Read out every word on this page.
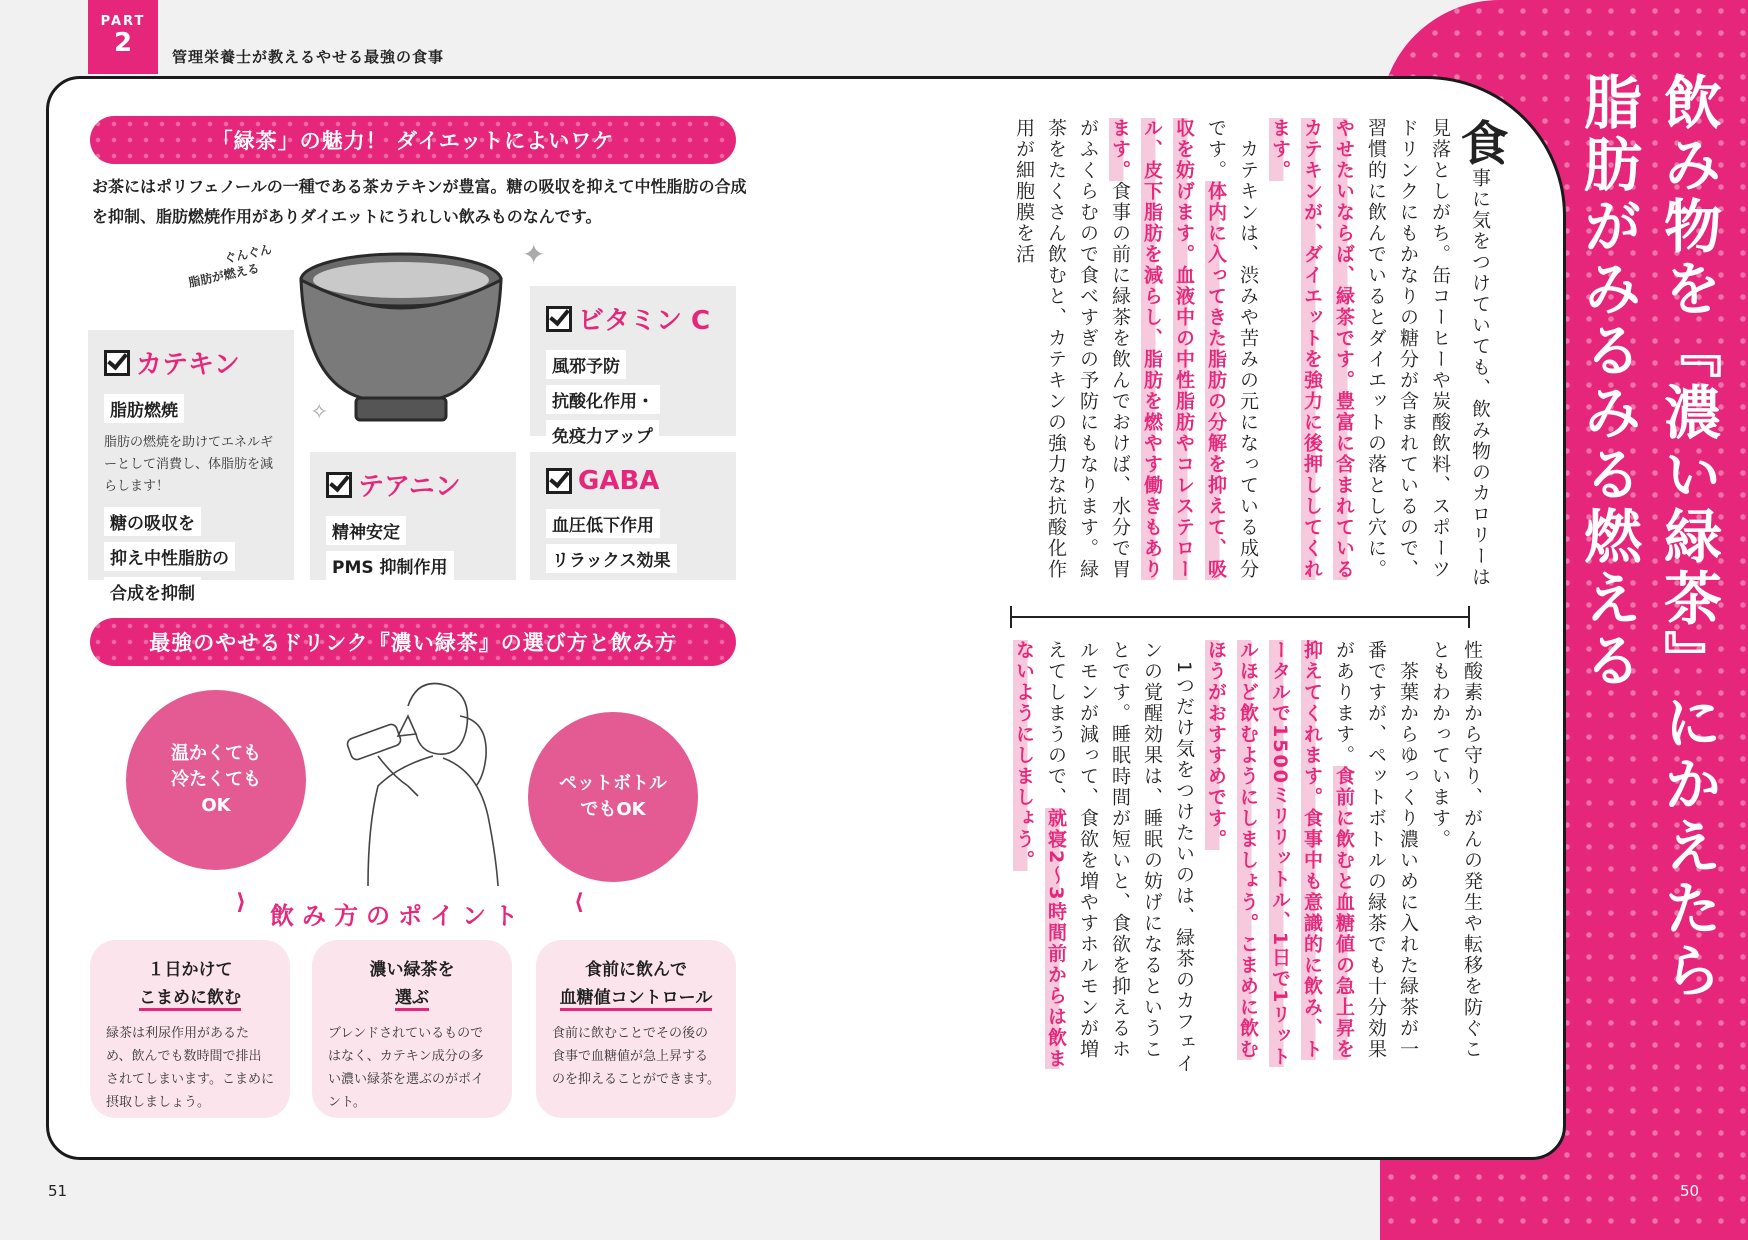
PART
2	管理栄養士が教えるやせる最強の食事
飲み物を『濃い緑茶』にかえたら
脂肪がみるみる燃える

食事に気をつけていても、飲み物のカロリーは見落としがち。缶コーヒーや炭酸飲料、スポーツドリンクにもかなりの糖分が含まれているので、習慣的に飲んでいるとダイエットの落とし穴に。やせたいならば、緑茶です。豊富に含まれているカテキンが、ダイエットを強力に後押ししてくれます。

　カテキンは、渋みや苦みの元になっている成分です。体内に入ってきた脂肪の分解を抑えて、吸収を妨げます。血液中の中性脂肪やコレステロール、皮下脂肪を減らし、脂肪を燃やす働きもあります。食事の前に緑茶を飲んでおけば、水分で胃がふくらむので食べすぎの予防にもなります。緑茶をたくさん飲むと、カテキンの強力な抗酸化作用が細胞膜を活

性酸素から守り、がんの発生や転移を防ぐこともわかっています。

　茶葉からゆっくり濃いめに入れた緑茶が一番ですが、ペットボトルの緑茶でも十分効果があります。食前に飲むと血糖値の急上昇を抑えてくれます。食事中も意識的に飲み、トータルで1500ミリリットル、1日で1リットルほど飲むようにしましょう。こまめに飲むほうがおすすめです。

　1つだけ気をつけたいのは、緑茶のカフェインの覚醒効果は、睡眠の妨げになるということです。睡眠時間が短いと、食欲を抑えるホルモンが減って、食欲を増やすホルモンが増えてしまうので、就寝2～3時間前からは飲まないようにしましょう。

「緑茶」の魅力！ ダイエットによいワケ
お茶にはポリフェノールの一種である茶カテキンが豊富。糖の吸収を抑えて中性脂肪の合成を抑制、脂肪燃焼作用がありダイエットにうれしい飲みものなんです。
ぐんぐん
脂肪が燃える
✦
✧
カテキン
脂肪燃焼
脂肪の燃焼を助けてエネルギーとして消費し、体脂肪を減らします！
糖の吸収を
抑え中性脂肪の
合成を抑制
ビタミン C
風邪予防
抗酸化作用・
免疫力アップ
テアニン
精神安定
PMS 抑制作用
GABA
血圧低下作用
リラックス効果
最強のやせるドリンク『濃い緑茶』の選び方と飲み方
温かくても
冷たくても
OK
ペットボトル
でもOK
⟩ 飲み方のポイント ⟨
１日かけて
こまめに飲む
緑茶は利尿作用があるため、飲んでも数時間で排出されてしまいます。こまめに摂取しましょう。
濃い緑茶を
選ぶ
ブレンドされているものではなく、カテキン成分の多い濃い緑茶を選ぶのがポイント。
食前に飲んで
血糖値コントロール
食前に飲むことでその後の食事で血糖値が急上昇するのを抑えることができます。
51	50
